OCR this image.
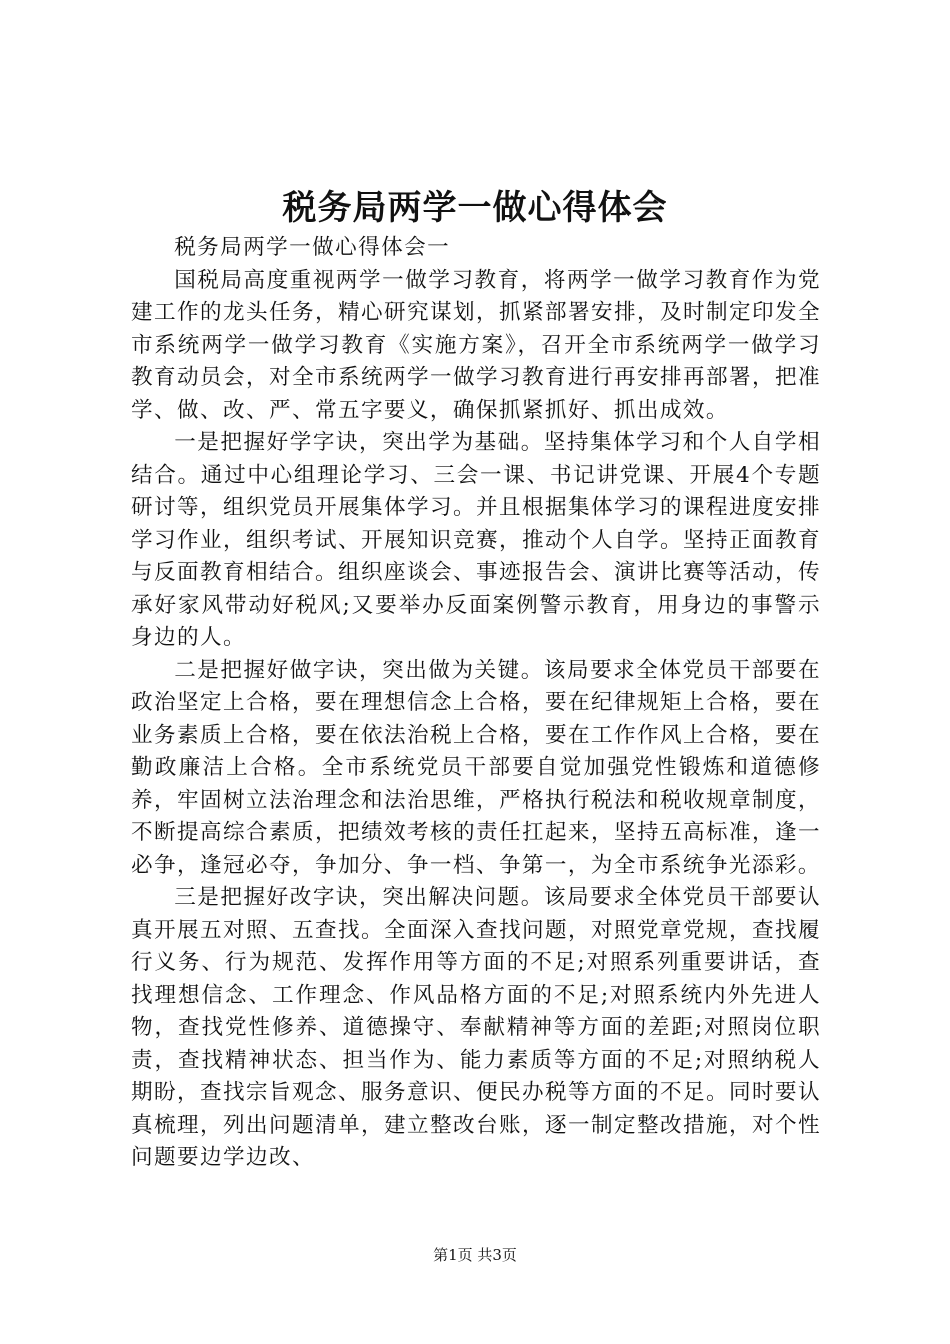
税务局两学一做心得体会

税务局两学一做心得体会一

国税局高度重视两学一做学习教育，将两学一做学习教育作为党建工作的龙头任务，精心研究谋划，抓紧部署安排，及时制定印发全市系统两学一做学习教育《实施方案》，召开全市系统两学一做学习教育动员会，对全市系统两学一做学习教育进行再安排再部署，把准学、做、改、严、常五字要义，确保抓紧抓好、抓出成效。

一是把握好学字诀，突出学为基础。坚持集体学习和个人自学相结合。通过中心组理论学习、三会一课、书记讲党课、开展4个专题研讨等，组织党员开展集体学习。并且根据集体学习的课程进度安排学习作业，组织考试、开展知识竞赛，推动个人自学。坚持正面教育与反面教育相结合。组织座谈会、事迹报告会、演讲比赛等活动，传承好家风带动好税风;又要举办反面案例警示教育，用身边的事警示身边的人。

二是把握好做字诀，突出做为关键。该局要求全体党员干部要在政治坚定上合格，要在理想信念上合格，要在纪律规矩上合格，要在业务素质上合格，要在依法治税上合格，要在工作作风上合格，要在勤政廉洁上合格。全市系统党员干部要自觉加强党性锻炼和道德修养，牢固树立法治理念和法治思维，严格执行税法和税收规章制度，不断提高综合素质，把绩效考核的责任扛起来，坚持五高标准，逢一必争，逢冠必夺，争加分、争一档、争第一，为全市系统争光添彩。

三是把握好改字诀，突出解决问题。该局要求全体党员干部要认真开展五对照、五查找。全面深入查找问题，对照党章党规，查找履行义务、行为规范、发挥作用等方面的不足;对照系列重要讲话，查找理想信念、工作理念、作风品格方面的不足;对照系统内外先进人物，查找党性修养、道德操守、奉献精神等方面的差距;对照岗位职责，查找精神状态、担当作为、能力素质等方面的不足;对照纳税人期盼，查找宗旨观念、服务意识、便民办税等方面的不足。同时要认真梳理，列出问题清单，建立整改台账，逐一制定整改措施，对个性问题要边学边改、

第1页 共3页
